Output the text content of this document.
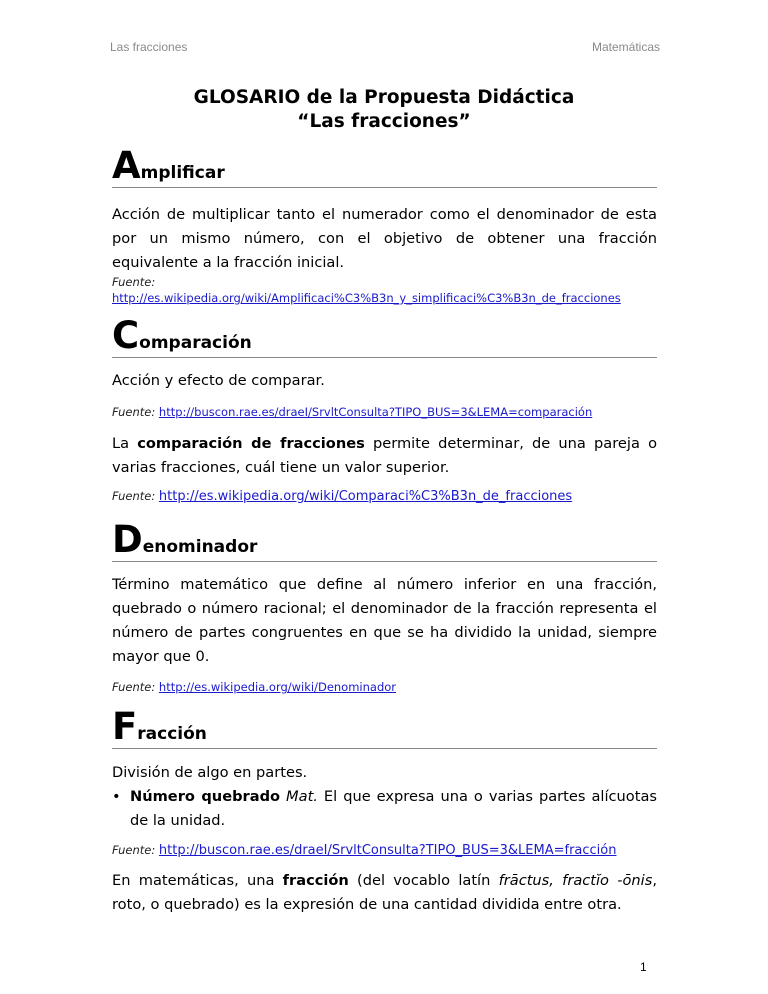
Las fracciones	Matemáticas
GLOSARIO de la Propuesta Didáctica
“Las fracciones”
Amplificar
Acción de multiplicar tanto el numerador como el denominador de esta por un mismo número, con el objetivo de obtener una fracción equivalente a la fracción inicial.
Fuente:
http://es.wikipedia.org/wiki/Amplificaci%C3%B3n_y_simplificaci%C3%B3n_de_fracciones
Comparación
Acción y efecto de comparar.
Fuente: http://buscon.rae.es/draeI/SrvltConsulta?TIPO_BUS=3&LEMA=comparación
La comparación de fracciones permite determinar, de una pareja o varias fracciones, cuál tiene un valor superior.
Fuente: http://es.wikipedia.org/wiki/Comparaci%C3%B3n_de_fracciones
Denominador
Término matemático que define al número inferior en una fracción, quebrado o número racional; el denominador de la fracción representa el número de partes congruentes en que se ha dividido la unidad, siempre mayor que 0.
Fuente: http://es.wikipedia.org/wiki/Denominador
Fracción
División de algo en partes.
• Número quebrado Mat. El que expresa una o varias partes alícuotas de la unidad.
Fuente: http://buscon.rae.es/draeI/SrvltConsulta?TIPO_BUS=3&LEMA=fracción
En matemáticas, una fracción (del vocablo latín frāctus, fractĭo -ōnis, roto, o quebrado) es la expresión de una cantidad dividida entre otra.
1
